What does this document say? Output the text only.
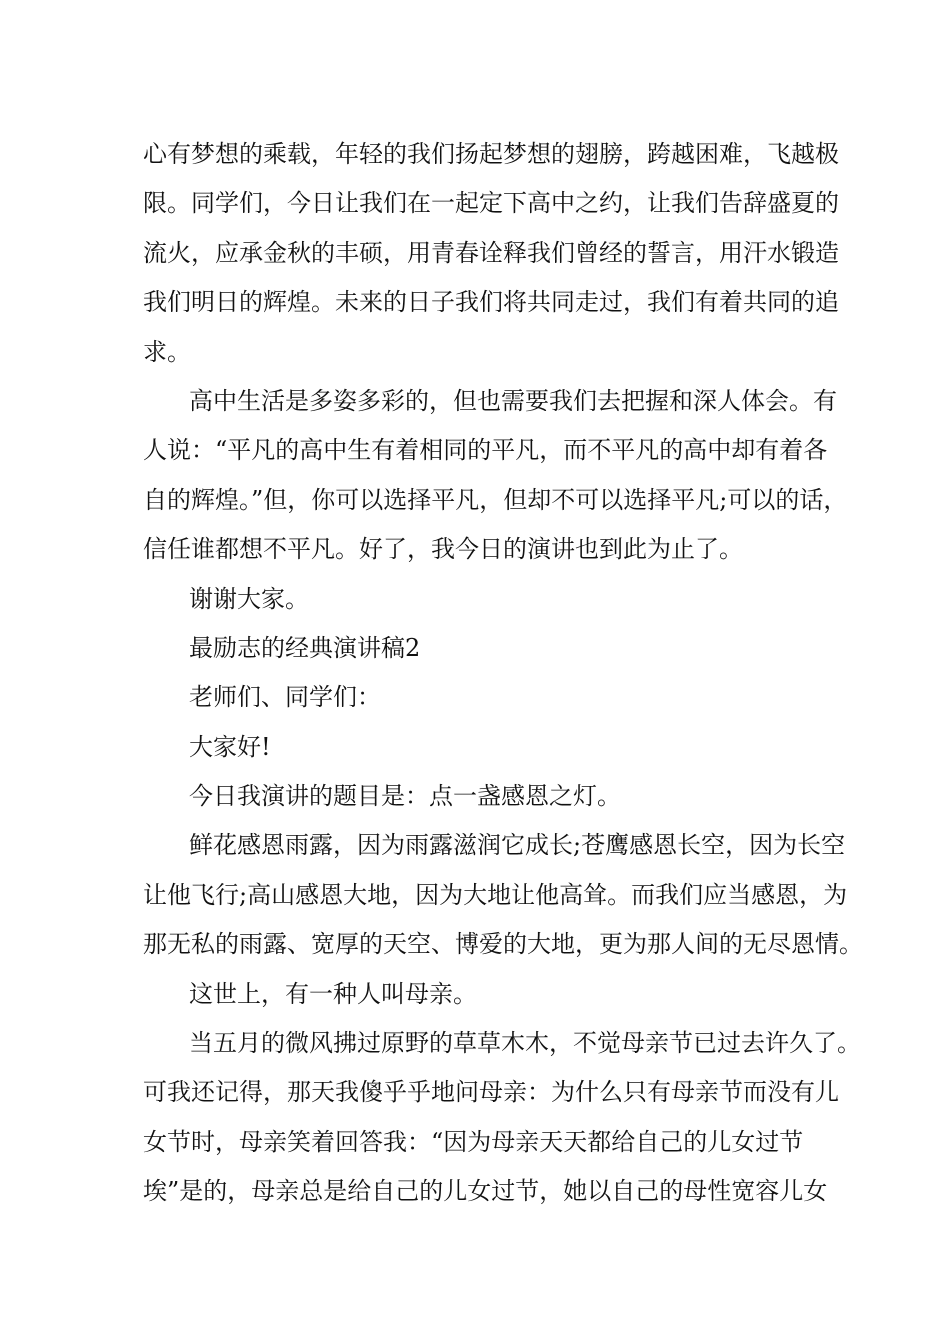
心有梦想的乘载，年轻的我们扬起梦想的翅膀，跨越困难，飞越极
限。同学们，今日让我们在一起定下高中之约，让我们告辞盛夏的
流火，应承金秋的丰硕，用青春诠释我们曾经的誓言，用汗水锻造
我们明日的辉煌。未来的日子我们将共同走过，我们有着共同的追
求。
高中生活是多姿多彩的，但也需要我们去把握和深人体会。有
人说：“平凡的高中生有着相同的平凡，而不平凡的高中却有着各
自的辉煌。”但，你可以选择平凡，但却不可以选择平凡;可以的话，
信任谁都想不平凡。好了，我今日的演讲也到此为止了。
谢谢大家。
最励志的经典演讲稿2
老师们、同学们：
大家好!
今日我演讲的题目是：点一盏感恩之灯。
鲜花感恩雨露，因为雨露滋润它成长;苍鹰感恩长空，因为长空
让他飞行;高山感恩大地，因为大地让他高耸。而我们应当感恩，为
那无私的雨露、宽厚的天空、博爱的大地，更为那人间的无尽恩情。
这世上，有一种人叫母亲。
当五月的微风拂过原野的草草木木，不觉母亲节已过去许久了。
可我还记得，那天我傻乎乎地问母亲：为什么只有母亲节而没有儿
女节时，母亲笑着回答我：“因为母亲天天都给自己的儿女过节
埃”是的，母亲总是给自己的儿女过节，她以自己的母性宽容儿女
